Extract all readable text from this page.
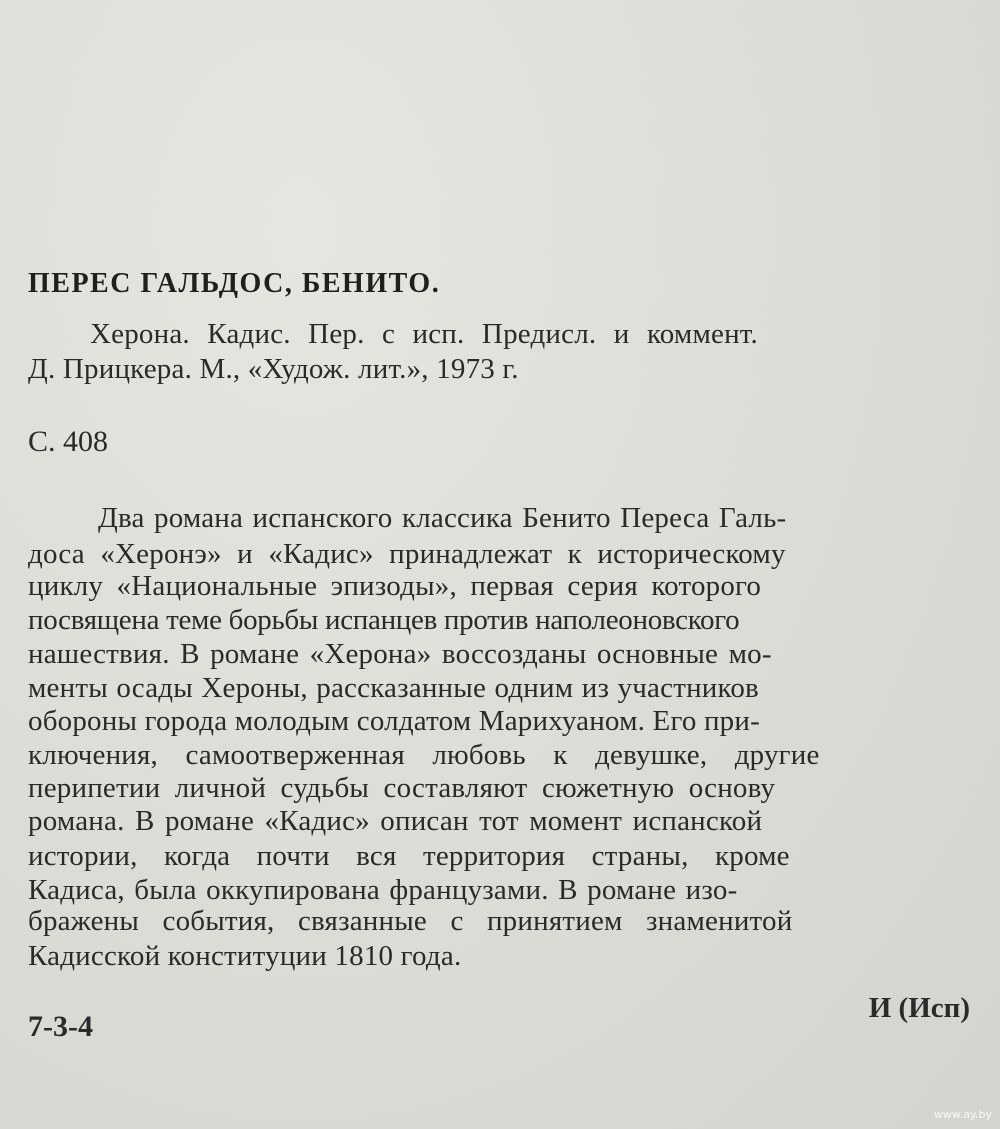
ПЕРЕС ГАЛЬДОС, БЕНИТО.
Херона. Кадис. Пер. с исп. Предисл. и коммент.
Д. Прицкера. М., «Худож. лит.», 1973 г.
С. 408
Два романа испанского классика Бенито Переса Галь-
доса «Херонэ» и «Кадис» принадлежат к историческому
циклу «Национальные эпизоды», первая серия которого
посвящена теме борьбы испанцев против наполеоновского
нашествия. В романе «Херона» воссозданы основные мо-
менты осады Хероны, рассказанные одним из участников
обороны города молодым солдатом Марихуаном. Его при-
ключения, самоотверженная любовь к девушке, другие
перипетии личной судьбы составляют сюжетную основу
романа. В романе «Кадис» описан тот момент испанской
истории, когда почти вся территория страны, кроме
Кадиса, была оккупирована французами. В романе изо-
бражены события, связанные с принятием знаменитой
Кадисской конституции 1810 года.
7-3-4
И (Исп)
www.ay.by
